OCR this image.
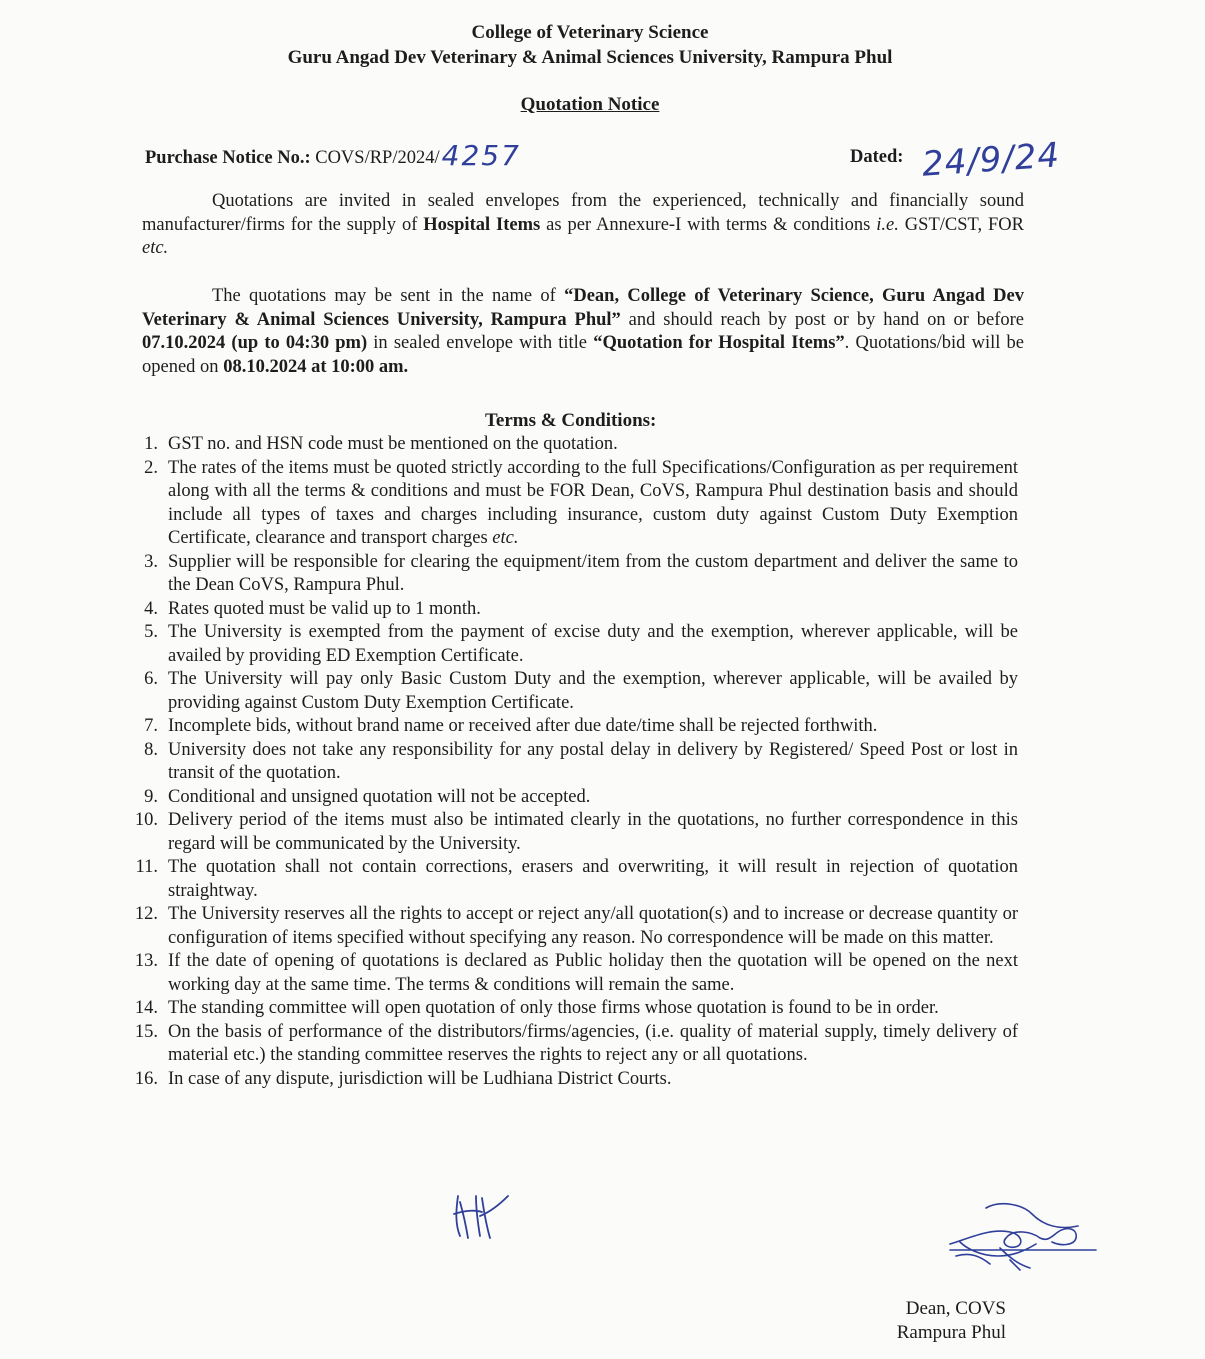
College of Veterinary Science
Guru Angad Dev Veterinary & Animal Sciences University, Rampura Phul
Quotation Notice
Purchase Notice No.: COVS/RP/2024/4257	Dated: 24/9/24
Quotations are invited in sealed envelopes from the experienced, technically and financially sound manufacturer/firms for the supply of Hospital Items as per Annexure-I with terms & conditions i.e. GST/CST, FOR etc.
The quotations may be sent in the name of “Dean, College of Veterinary Science, Guru Angad Dev Veterinary & Animal Sciences University, Rampura Phul” and should reach by post or by hand on or before 07.10.2024 (up to 04:30 pm) in sealed envelope with title “Quotation for Hospital Items”. Quotations/bid will be opened on 08.10.2024 at 10:00 am.
Terms & Conditions:
1. GST no. and HSN code must be mentioned on the quotation.
2. The rates of the items must be quoted strictly according to the full Specifications/Configuration as per requirement along with all the terms & conditions and must be FOR Dean, CoVS, Rampura Phul destination basis and should include all types of taxes and charges including insurance, custom duty against Custom Duty Exemption Certificate, clearance and transport charges etc.
3. Supplier will be responsible for clearing the equipment/item from the custom department and deliver the same to the Dean CoVS, Rampura Phul.
4. Rates quoted must be valid up to 1 month.
5. The University is exempted from the payment of excise duty and the exemption, wherever applicable, will be availed by providing ED Exemption Certificate.
6. The University will pay only Basic Custom Duty and the exemption, wherever applicable, will be availed by providing against Custom Duty Exemption Certificate.
7. Incomplete bids, without brand name or received after due date/time shall be rejected forthwith.
8. University does not take any responsibility for any postal delay in delivery by Registered/ Speed Post or lost in transit of the quotation.
9. Conditional and unsigned quotation will not be accepted.
10. Delivery period of the items must also be intimated clearly in the quotations, no further correspondence in this regard will be communicated by the University.
11. The quotation shall not contain corrections, erasers and overwriting, it will result in rejection of quotation straightway.
12. The University reserves all the rights to accept or reject any/all quotation(s) and to increase or decrease quantity or configuration of items specified without specifying any reason. No correspondence will be made on this matter.
13. If the date of opening of quotations is declared as Public holiday then the quotation will be opened on the next working day at the same time. The terms & conditions will remain the same.
14. The standing committee will open quotation of only those firms whose quotation is found to be in order.
15. On the basis of performance of the distributors/firms/agencies, (i.e. quality of material supply, timely delivery of material etc.) the standing committee reserves the rights to reject any or all quotations.
16. In case of any dispute, jurisdiction will be Ludhiana District Courts.
Dean, COVS
Rampura Phul
